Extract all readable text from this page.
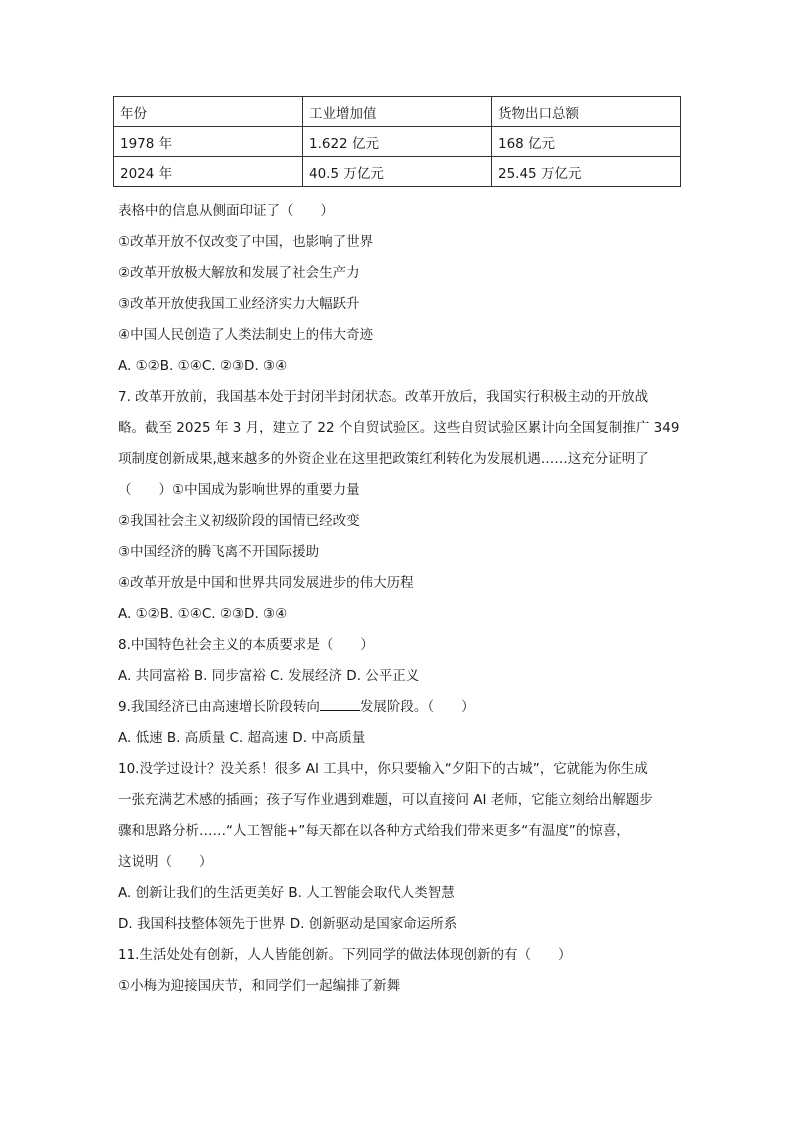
年份	工业增加值	货物出口总额
1978 年	1.622 亿元	168 亿元
2024 年	40.5 万亿元	25.45 万亿元
表格中的信息从侧面印证了（　　）
①改革开放不仅改变了中国，也影响了世界
②改革开放极大解放和发展了社会生产力
③改革开放使我国工业经济实力大幅跃升
④中国人民创造了人类法制史上的伟大奇迹
A. ①②B. ①④C. ②③D. ③④
7. 改革开放前，我国基本处于封闭半封闭状态。改革开放后，我国实行积极主动的开放战
略。截至 2025 年 3 月，建立了 22 个自贸试验区。这些自贸试验区累计向全国复制推广 349
项制度创新成果,越来越多的外资企业在这里把政策红利转化为发展机遇……这充分证明了
（　　）①中国成为影响世界的重要力量
②我国社会主义初级阶段的国情已经改变
③中国经济的腾飞离不开国际援助
④改革开放是中国和世界共同发展进步的伟大历程
A. ①②B. ①④C. ②③D. ③④
8.中国特色社会主义的本质要求是（　　）
A. 共同富裕 B. 同步富裕 C. 发展经济 D. 公平正义
9.我国经济已由高速增长阶段转向	发展阶段。（　　）
A. 低速 B. 高质量 C. 超高速 D. 中高质量
10.没学过设计？没关系！很多 AI 工具中，你只要输入“夕阳下的古城”，它就能为你生成
一张充满艺术感的插画；孩子写作业遇到难题，可以直接问 AI 老师，它能立刻给出解题步
骤和思路分析……“人工智能+”每天都在以各种方式给我们带来更多“有温度”的惊喜，
这说明（　　）
A. 创新让我们的生活更美好 B. 人工智能会取代人类智慧
D. 我国科技整体领先于世界 D. 创新驱动是国家命运所系
11.生活处处有创新，人人皆能创新。下列同学的做法体现创新的有（　　）
①小梅为迎接国庆节，和同学们一起编排了新舞
